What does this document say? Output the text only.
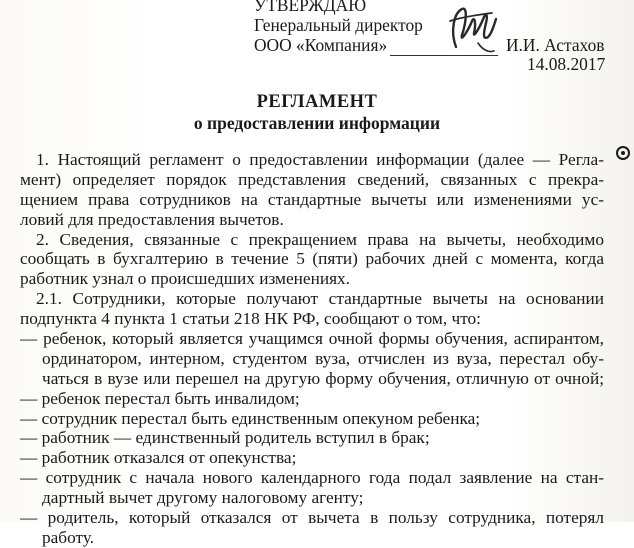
УТВЕРЖДАЮ
Генеральный директор
ООО «Компания»	И.И. Астахов
14.08.2017
РЕГЛАМЕНТ
о предоставлении информации
1. Настоящий регламент о предоставлении информации (далее — Регла-
мент) определяет порядок представления сведений, связанных с прекра-
щением права сотрудников на стандартные вычеты или изменениями ус-
ловий для предоставления вычетов.
2. Сведения, связанные с прекращением права на вычеты, необходимо
сообщать в бухгалтерию в течение 5 (пяти) рабочих дней с момента, когда
работник узнал о происшедших изменениях.
2.1. Сотрудники, которые получают стандартные вычеты на основании
подпункта 4 пункта 1 статьи 218 НК РФ, сообщают о том, что:
— ребенок, который является учащимся очной формы обучения, аспирантом,
ординатором, интерном, студентом вуза, отчислен из вуза, перестал обу-
чаться в вузе или перешел на другую форму обучения, отличную от очной;
— ребенок перестал быть инвалидом;
— сотрудник перестал быть единственным опекуном ребенка;
— работник — единственный родитель вступил в брак;
— работник отказался от опекунства;
— сотрудник с начала нового календарного года подал заявление на стан-
дартный вычет другому налоговому агенту;
— родитель, который отказался от вычета в пользу сотрудника, потерял
работу.
